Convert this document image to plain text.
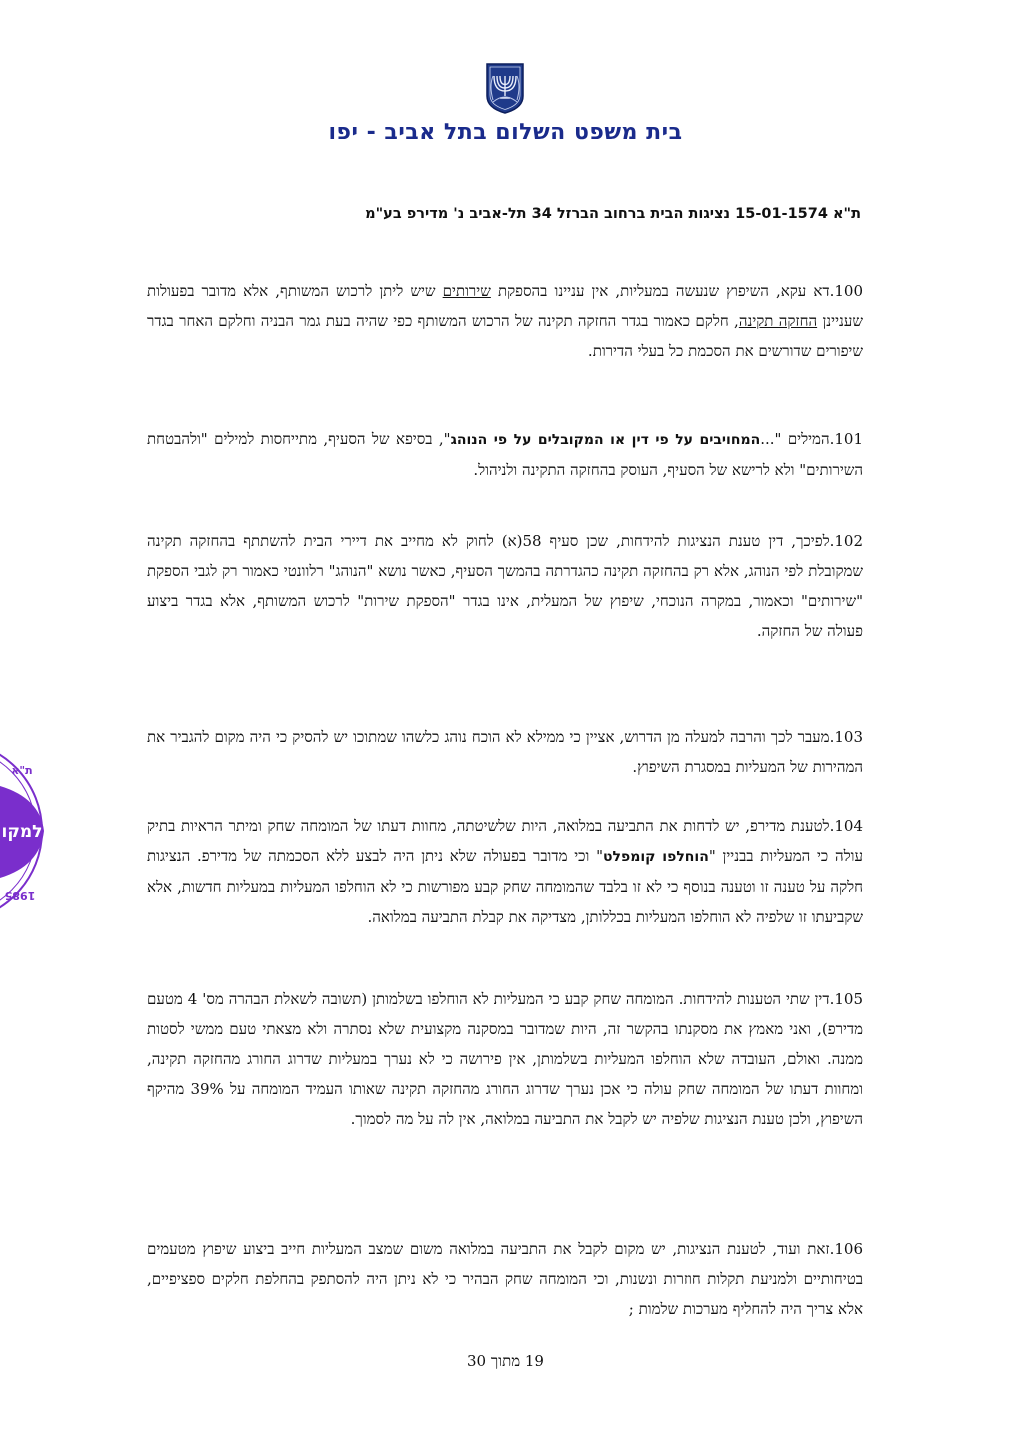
בית משפט השלום בתל אביב - יפו
ת"א 15-01-1574 נציגות הבית ברחוב הברזל 34 תל-אביב נ' מדירפ בע"מ
100.דא עקא, השיפוץ שנעשה במעליות, אין עניינו בהספקת שירותים שיש ליתן לרכוש המשותף, אלא מדובר בפעולות שעניינן החזקה תקינה, חלקם כאמור בגדר החזקה תקינה של הרכוש המשותף כפי שהיה בעת גמר הבניה וחלקם האחר בגדר שיפורים שדורשים את הסכמת כל בעלי הדירות.
101.המילים "...המחויבים על פי דין או המקובלים על פי הנוהג", בסיפא של הסעיף, מתייחסות למילים "ולהבטחת השירותים" ולא לרישא של הסעיף, העוסק בהחזקה התקינה ולניהול.
102.לפיכך, דין טענת הנציגות להידחות, שכן סעיף 58(א) לחוק לא מחייב את דיירי הבית להשתתף בהחזקה תקינה שמקובלת לפי הנוהג, אלא רק בהחזקה תקינה כהגדרתה בהמשך הסעיף, כאשר נושא "הנוהג" רלוונטי כאמור רק לגבי הספקת "שירותים" וכאמור, במקרה הנוכחי, שיפוץ של המעלית, אינו בגדר "הספקת שירות" לרכוש המשותף, אלא בגדר ביצוע פעולה של החזקה.
103.מעבר לכך והרבה למעלה מן הדרוש, אציין כי ממילא לא הוכח נוהג כלשהו שמתוכו יש להסיק כי היה מקום להגביר את המהירות של המעליות במסגרת השיפוץ.
104.לטענת מדירפ, יש לדחות את התביעה במלואה, היות שלשיטתה, מחוות דעתו של המומחה שחק ומיתר הראיות בתיק עולה כי המעליות בבניין "הוחלפו קומפלט" וכי מדובר בפעולה שלא ניתן היה לבצע ללא הסכמתה של מדירפ. הנציגות חלקה על טענה זו וטענה בנוסף כי לא זו בלבד שהמומחה שחק קבע מפורשות כי לא הוחלפו המעליות במעליות חדשות, אלא שקביעתו זו שלפיה לא הוחלפו המעליות בכללותן, מצדיקה את קבלת התביעה במלואה.
105.דין שתי הטענות להידחות. המומחה שחק קבע כי המעליות לא הוחלפו בשלמותן (תשובה לשאלת הבהרה מס' 4 מטעם מדירפ), ואני מאמץ את מסקנתו בהקשר זה, היות שמדובר במסקנה מקצועית שלא נסתרה ולא מצאתי טעם ממשי לסטות ממנה. ואולם, העובדה שלא הוחלפו המעליות בשלמותן, אין פירושה כי לא נערך במעליות שדרוג החורג מהחזקה תקינה, ומחוות דעתו של המומחה שחק עולה כי אכן נערך שדרוג החורג מהחזקה תקינה שאותו העמיד המומחה על 39% מהיקף השיפוץ, ולכן טענת הנציגות שלפיה יש לקבל את התביעה במלואה, אין לה על מה לסמוך.
106.זאת ועוד, לטענת הנציגות, יש מקום לקבל את התביעה במלואה משום שמצב המעליות חייב ביצוע שיפוץ מטעמים בטיחותיים ולמניעת תקלות חוזרות ונשנות, וכי המומחה שחק הבהיר כי לא ניתן היה להסתפק בהחלפת חלקים ספציפיים, אלא צריך היה להחליף מערכות שלמות ;
19 מתוך 30
ת"א
למקו
1985
